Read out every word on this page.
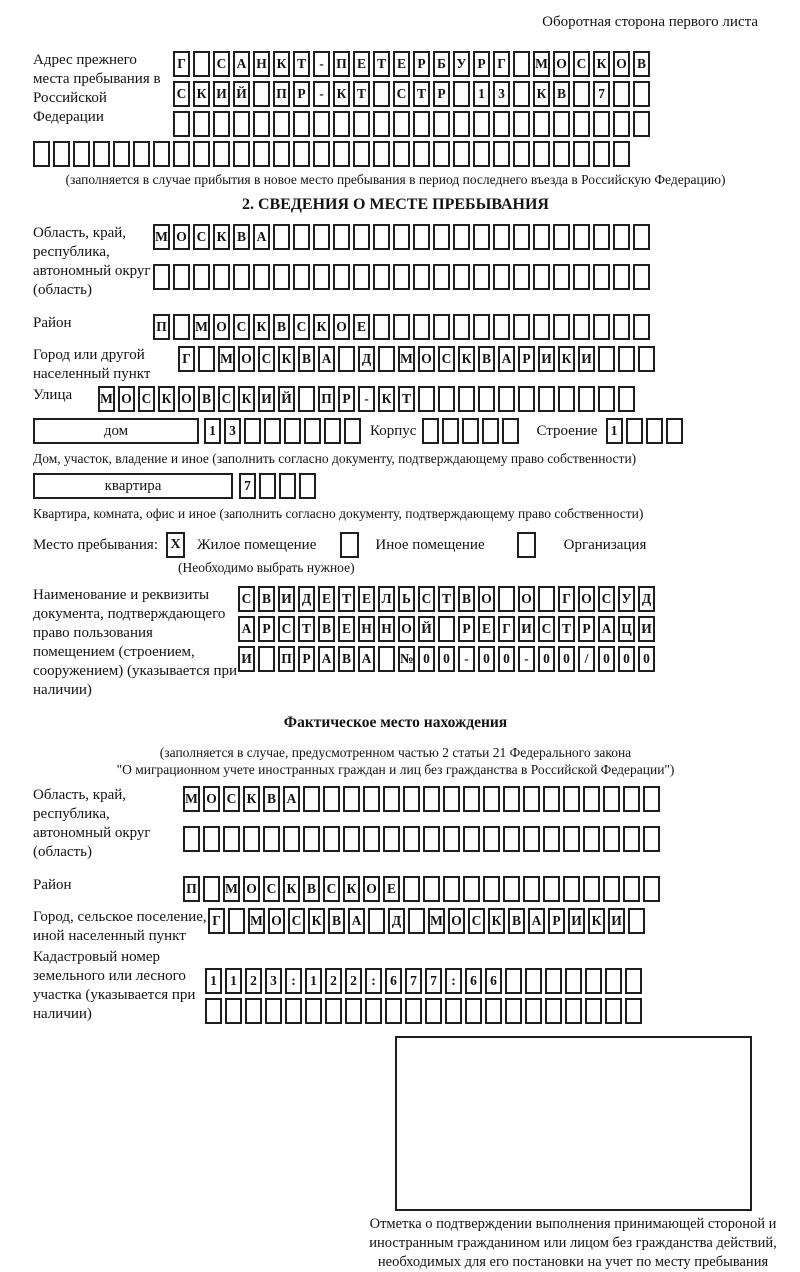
Оборотная сторона первого листа
Адрес прежнего места пребывания в Российской Федерации
Г	С А Н К Т - П Е Т Е Р Б У Р Г	М О С К О В
С К И Й П Р	- К Т С Т Р	1 3	К В	7
(заполняется в случае прибытия в новое место пребывания в период последнего въезда в Российскую Федерацию)
2. СВЕДЕНИЯ О МЕСТЕ ПРЕБЫВАНИЯ
Область, край, республика, автономный округ (область)
М О С К В А
Район	П М О С К В С К О Е
Город или другой населенный пункт
Г	М О С К В А Д М О С К В А Р И К И
Улица	М О С К О В С К И Й П Р	- К Т
дом	1 3	Корпус	Строение 1
Дом, участок, владение и иное (заполнить согласно документу, подтверждающему право собственности)
квартира	7
Квартира, комната, офис и иное (заполнить согласно документу, подтверждающему право собственности)
Место пребывания: X Жилое помещение	Иное помещение	Организация
(Необходимо выбрать нужное)
Наименование и реквизиты документа, подтверждающего право пользования помещением (строением, сооружением) (указывается при наличии)
С В И Д Е Т Е Л Ь С Т В О О	Г О С У Д
А Р С Т В Е Н Н О Й	Р Е Г И С Т Р А Ц И
И П Р А В А № 0 0	-	0 0	-	0 0	/	0 0 0
Фактическое место нахождения
(заполняется в случае, предусмотренном частью 2 статьи 21 Федерального закона
"О миграционном учете иностранных граждан и лиц без гражданства в Российской Федерации")
Область, край, республика, автономный округ (область)
М О С К В А
Район	П М О С К В С К О Е
Город, сельское поселение, иной населенный пункт
Г	М О С К В А Д М О С К В А Р И К И
Кадастровый номер земельного или лесного участка (указывается при наличии)
1 1 2 3	:	1 2 2	:	6 7 7	:	6 6
Отметка о подтверждении выполнения принимающей стороной и иностранным гражданином или лицом без гражданства действий, необходимых для его постановки на учет по месту пребывания
